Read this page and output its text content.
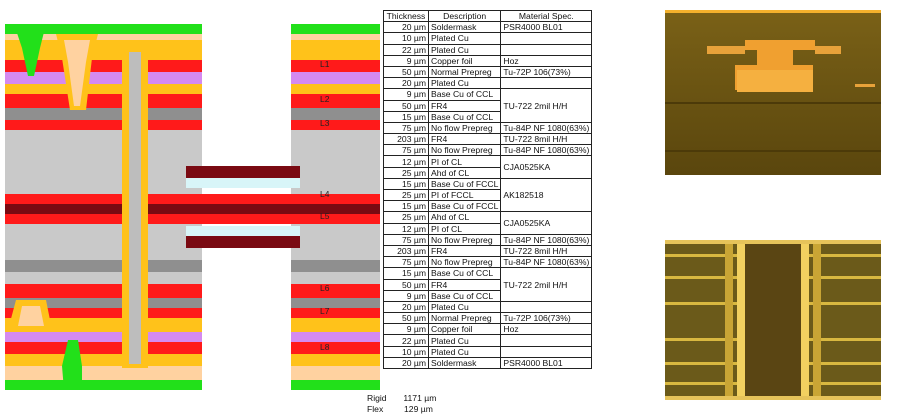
L1
L2
L3
L4
L5
L6
L7
L8
Thickness	Description	Material Spec.
20 µm	Soldermask	PSR4000 BL01
10 µm	Plated Cu	
22 µm	Plated Cu	
9 µm	Copper foil	Hoz
50 µm	Normal Prepreg	Tu-72P 106(73%)
20 µm	Plated Cu	
9 µm	Base Cu of CCL	TU-722 2mil H/H
50 µm	FR4	
15 µm	Base Cu of CCL	
75 µm	No flow Prepreg	Tu-84P NF 1080(63%)
203 µm	FR4	TU-722 8mil H/H
75 µm	No flow Prepreg	Tu-84P NF 1080(63%)
12 µm	PI of CL	CJA0525KA
25 µm	Ahd of CL	
15 µm	Base Cu of FCCL	AK182518
25 µm	PI of FCCL	
15 µm	Base Cu of FCCL	
25 µm	Ahd of CL	CJA0525KA
12 µm	PI of CL	
75 µm	No flow Prepreg	Tu-84P NF 1080(63%)
203 µm	FR4	TU-722 8mil H/H
75 µm	No flow Prepreg	Tu-84P NF 1080(63%)
15 µm	Base Cu of CCL	TU-722 2mil H/H
50 µm	FR4	
9 µm	Base Cu of CCL	
20 µm	Plated Cu	
50 µm	Normal Prepreg	Tu-72P 106(73%)
9 µm	Copper foil	Hoz
22 µm	Plated Cu	
10 µm	Plated Cu	
20 µm	Soldermask	PSR4000 BL01
Rigid 1171 µm
Flex 129 µm
